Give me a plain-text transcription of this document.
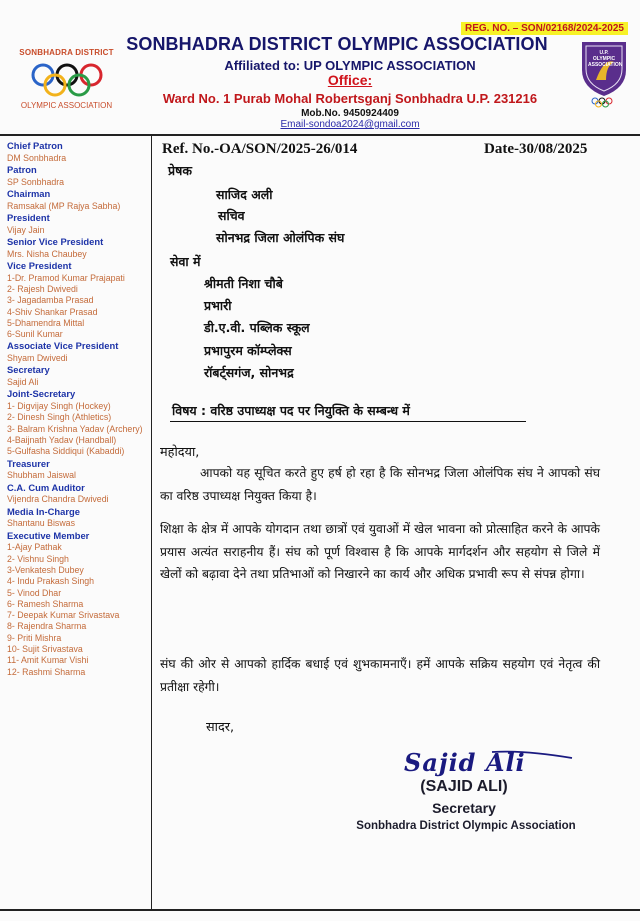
REG. NO. – SON/02168/2024-2025
SONBHADRA DISTRICT
OLYMPIC ASSOCIATION
SONBHADRA DISTRICT OLYMPIC ASSOCIATION
Affiliated to: UP OLYMPIC ASSOCIATION
Office:
Ward No. 1 Purab Mohal Robertsganj Sonbhadra U.P. 231216
Mob.No. 9450924409
Email-sondoa2024@gmail.com
U.P. OLYMPIC ASSOCIATION
Chief Patron
DM Sonbhadra
Patron
SP Sonbhadra
Chairman
Ramsakal (MP Rajya Sabha)
President
Vijay Jain
Senior Vice President
Mrs. Nisha Chaubey
Vice President
1-Dr. Pramod Kumar Prajapati
2- Rajesh Dwivedi
3- Jagadamba Prasad
4-Shiv Shankar Prasad
5-Dhamendra Mittal
6-Sunil Kumar
Associate Vice President
Shyam Dwivedi
Secretary
Sajid Ali
Joint-Secretary
1- Digvijay Singh (Hockey)
2- Dinesh Singh (Athletics)
3- Balram Krishna Yadav (Archery)
4-Baijnath Yadav (Handball)
5-Gulfasha Siddiqui (Kabaddi)
Treasurer
Shubham Jaiswal
C.A. Cum Auditor
Vijendra Chandra Dwivedi
Media In-Charge
Shantanu Biswas
Executive Member
1-Ajay Pathak
2- Vishnu Singh
3-Venkatesh Dubey
4- Indu Prakash Singh
5- Vinod Dhar
6- Ramesh Sharma
7- Deepak Kumar Srivastava
8- Rajendra Sharma
9- Priti Mishra
10- Sujit Srivastava
11- Amit Kumar Vishi
12- Rashmi Sharma
Ref. No.-OA/SON/2025-26/014	Date-30/08/2025
प्रेषक
साजिद अली
सचिव
सोनभद्र जिला ओलंपिक संघ
सेवा में
श्रीमती निशा चौबे
प्रभारी
डी.ए.वी. पब्लिक स्कूल
प्रभापुरम कॉम्प्लेक्स
रॉबर्ट्सगंज, सोनभद्र
विषय : वरिष्ठ उपाध्यक्ष पद पर नियुक्ति के सम्बन्ध में
महोदया,
आपको यह सूचित करते हुए हर्ष हो रहा है कि सोनभद्र जिला ओलंपिक संघ ने आपको संघ का वरिष्ठ उपाध्यक्ष नियुक्त किया है।
शिक्षा के क्षेत्र में आपके योगदान तथा छात्रों एवं युवाओं में खेल भावना को प्रोत्साहित करने के आपके प्रयास अत्यंत सराहनीय हैं। संघ को पूर्ण विश्वास है कि आपके मार्गदर्शन और सहयोग से जिले में खेलों को बढ़ावा देने तथा प्रतिभाओं को निखारने का कार्य और अधिक प्रभावी रूप से संपन्न होगा।
संघ की ओर से आपको हार्दिक बधाई एवं शुभकामनाएँ। हमें आपके सक्रिय सहयोग एवं नेतृत्व की प्रतीक्षा रहेगी।
सादर,
Sajid Ali
(SAJID ALI)
Secretary
Sonbhadra District Olympic Association
